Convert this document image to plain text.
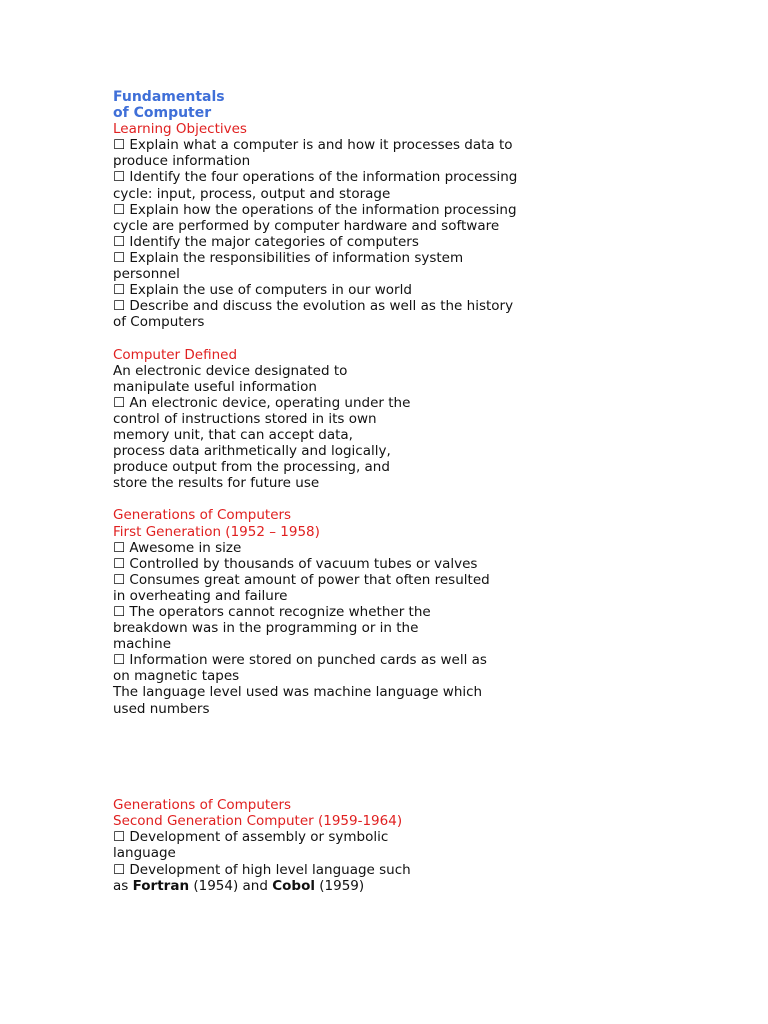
Fundamentals
of Computer
Learning Objectives
☐ Explain what a computer is and how it processes data to
produce information
☐ Identify the four operations of the information processing
cycle: input, process, output and storage
☐ Explain how the operations of the information processing
cycle are performed by computer hardware and software
☐ Identify the major categories of computers
☐ Explain the responsibilities of information system
personnel
☐ Explain the use of computers in our world
☐ Describe and discuss the evolution as well as the history
of Computers
Computer Defined
An electronic device designated to
manipulate useful information
☐ An electronic device, operating under the
control of instructions stored in its own
memory unit, that can accept data,
process data arithmetically and logically,
produce output from the processing, and
store the results for future use
Generations of Computers
First Generation (1952 – 1958)
☐ Awesome in size
☐ Controlled by thousands of vacuum tubes or valves
☐ Consumes great amount of power that often resulted
in overheating and failure
☐ The operators cannot recognize whether the
breakdown was in the programming or in the
machine
☐ Information were stored on punched cards as well as
on magnetic tapes
The language level used was machine language which
used numbers
Generations of Computers
Second Generation Computer (1959-1964)
☐ Development of assembly or symbolic
language
☐ Development of high level language such
as Fortran (1954) and Cobol (1959)
